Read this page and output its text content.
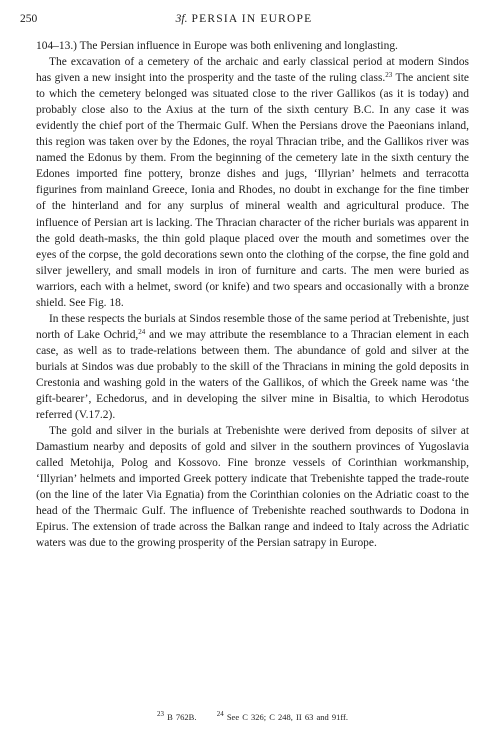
250	3f. PERSIA IN EUROPE

104–13.) The Persian influence in Europe was both enlivening and longlasting.

The excavation of a cemetery of the archaic and early classical period at modern Sindos has given a new insight into the prosperity and the taste of the ruling class.$^{23}$ The ancient site to which the cemetery belonged was situated close to the river Gallikos (as it is today) and probably close also to the Axius at the turn of the sixth century B.C. In any case it was evidently the chief port of the Thermaic Gulf. When the Persians drove the Paeonians inland, this region was taken over by the Edones, the royal Thracian tribe, and the Gallikos river was named the Edonus by them. From the beginning of the cemetery late in the sixth century the Edones imported fine pottery, bronze dishes and jugs, ‘Illyrian’ helmets and terracotta figurines from mainland Greece, Ionia and Rhodes, no doubt in exchange for the fine timber of the hinterland and for any surplus of mineral wealth and agricultural produce. The influence of Persian art is lacking. The Thracian character of the richer burials was apparent in the gold death-masks, the thin gold plaque placed over the mouth and sometimes over the eyes of the corpse, the gold decorations sewn onto the clothing of the corpse, the fine gold and silver jewellery, and small models in iron of furniture and carts. The men were buried as warriors, each with a helmet, sword (or knife) and two spears and occasionally with a bronze shield. See Fig. 18.

In these respects the burials at Sindos resemble those of the same period at Trebenishte, just north of Lake Ochrid,$^{24}$ and we may attribute the resemblance to a Thracian element in each case, as well as to trade-relations between them. The abundance of gold and silver at the burials at Sindos was due probably to the skill of the Thracians in mining the gold deposits in Crestonia and washing gold in the waters of the Gallikos, of which the Greek name was ‘the gift-bearer’, Echedorus, and in developing the silver mine in Bisaltia, to which Herodotus referred (V.17.2).

The gold and silver in the burials at Trebenishte were derived from deposits of silver at Damastium nearby and deposits of gold and silver in the southern provinces of Yugoslavia called Metohija, Polog and Kossovo. Fine bronze vessels of Corinthian workmanship, ‘Illyrian’ helmets and imported Greek pottery indicate that Trebenishte tapped the trade-route (on the line of the later Via Egnatia) from the Corinthian colonies on the Adriatic coast to the head of the Thermaic Gulf. The influence of Trebenishte reached southwards to Dodona in Epirus. The extension of trade across the Balkan range and indeed to Italy across the Adriatic waters was due to the growing prosperity of the Persian satrapy in Europe.

$^{23}$ B 762B.	$^{24}$ See C 326; C 248, II 63 and 91ff.
